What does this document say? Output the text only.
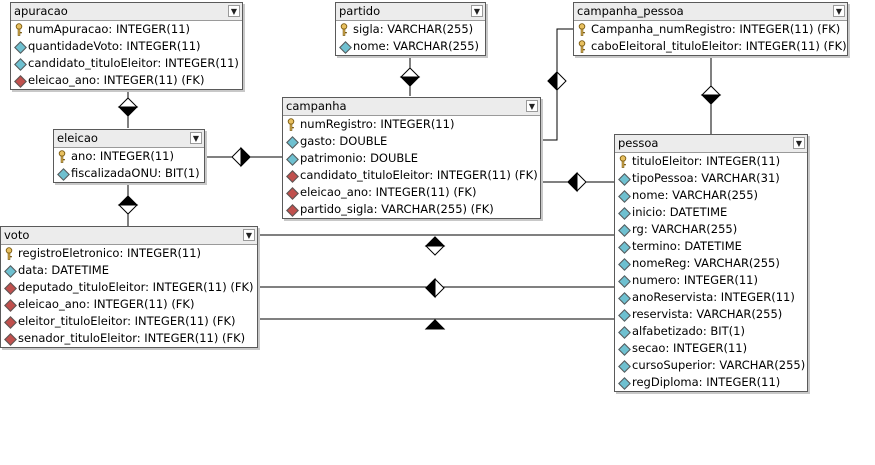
apuracao	▼
numApuracao: INTEGER(11)
quantidadeVoto: INTEGER(11)
candidato_tituloEleitor: INTEGER(11)
eleicao_ano: INTEGER(11) (FK)
partido	▼
sigla: VARCHAR(255)
nome: VARCHAR(255)
campanha_pessoa	▼
Campanha_numRegistro: INTEGER(11) (FK)
caboEleitoral_tituloEleitor: INTEGER(11) (FK)
eleicao	▼
ano: INTEGER(11)
fiscalizadaONU: BIT(1)
campanha	▼
numRegistro: INTEGER(11)
gasto: DOUBLE
patrimonio: DOUBLE
candidato_tituloEleitor: INTEGER(11) (FK)
eleicao_ano: INTEGER(11) (FK)
partido_sigla: VARCHAR(255) (FK)
voto	▼
registroEletronico: INTEGER(11)
data: DATETIME
deputado_tituloEleitor: INTEGER(11) (FK)
eleicao_ano: INTEGER(11) (FK)
eleitor_tituloEleitor: INTEGER(11) (FK)
senador_tituloEleitor: INTEGER(11) (FK)
pessoa	▼
tituloEleitor: INTEGER(11)
tipoPessoa: VARCHAR(31)
nome: VARCHAR(255)
inicio: DATETIME
rg: VARCHAR(255)
termino: DATETIME
nomeReg: VARCHAR(255)
numero: INTEGER(11)
anoReservista: INTEGER(11)
reservista: VARCHAR(255)
alfabetizado: BIT(1)
secao: INTEGER(11)
cursoSuperior: VARCHAR(255)
regDiploma: INTEGER(11)
